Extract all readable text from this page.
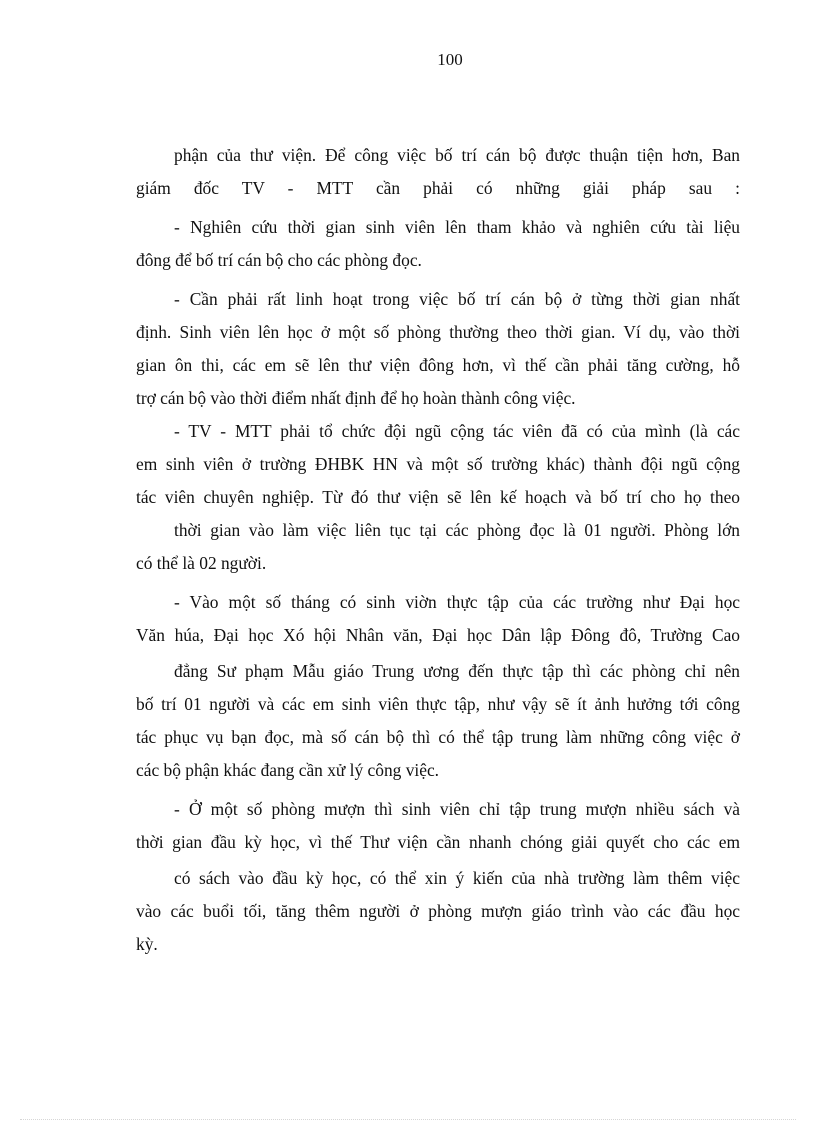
100
phận của thư viện. Để công việc bố trí cán bộ được thuận tiện hơn, Ban
giám đốc TV - MTT cần phải có những giải pháp sau :
- Nghiên cứu thời gian sinh viên lên tham khảo và nghiên cứu tài liệu
đông để bố trí cán bộ cho các phòng đọc.
- Cần phải rất linh hoạt trong việc bố trí cán bộ ở từng thời gian nhất
định. Sinh viên lên học ở một số phòng thường theo thời gian. Ví dụ, vào thời
gian ôn thi, các em sẽ lên thư viện đông hơn, vì thế cần phải tăng cường, hỗ
trợ cán bộ vào thời điểm nhất định để họ hoàn thành công việc.
- TV - MTT phải tổ chức đội ngũ cộng tác viên đã có của mình (là các
em sinh viên ở trường ĐHBK HN và một số trường khác) thành đội ngũ cộng
tác viên chuyên nghiệp. Từ đó thư viện sẽ lên kế hoạch và bố trí cho họ theo
thời gian vào làm việc liên tục tại các phòng đọc là 01 người. Phòng lớn
có thể là 02 người.
- Vào một số tháng có sinh viờn thực tập của các trường như Đại học
Văn húa, Đại học Xó hội Nhân văn, Đại học Dân lập Đông đô, Trường Cao
đẳng Sư phạm Mẫu giáo Trung ương đến thực tập thì các phòng chỉ nên
bố trí 01 người và các em sinh viên thực tập, như vậy sẽ ít ảnh hưởng tới công
tác phục vụ bạn đọc, mà số cán bộ thì có thể tập trung làm những công việc ở
các bộ phận khác đang cần xử lý công việc.
- Ở một số phòng mượn thì sinh viên chỉ tập trung mượn nhiều sách và
thời gian đầu kỳ học, vì thế Thư viện cần nhanh chóng giải quyết cho các em
có sách vào đầu kỳ học, có thể xin ý kiến của nhà trường làm thêm việc
vào các buổi tối, tăng thêm người ở phòng mượn giáo trình vào các đầu học
kỳ.
